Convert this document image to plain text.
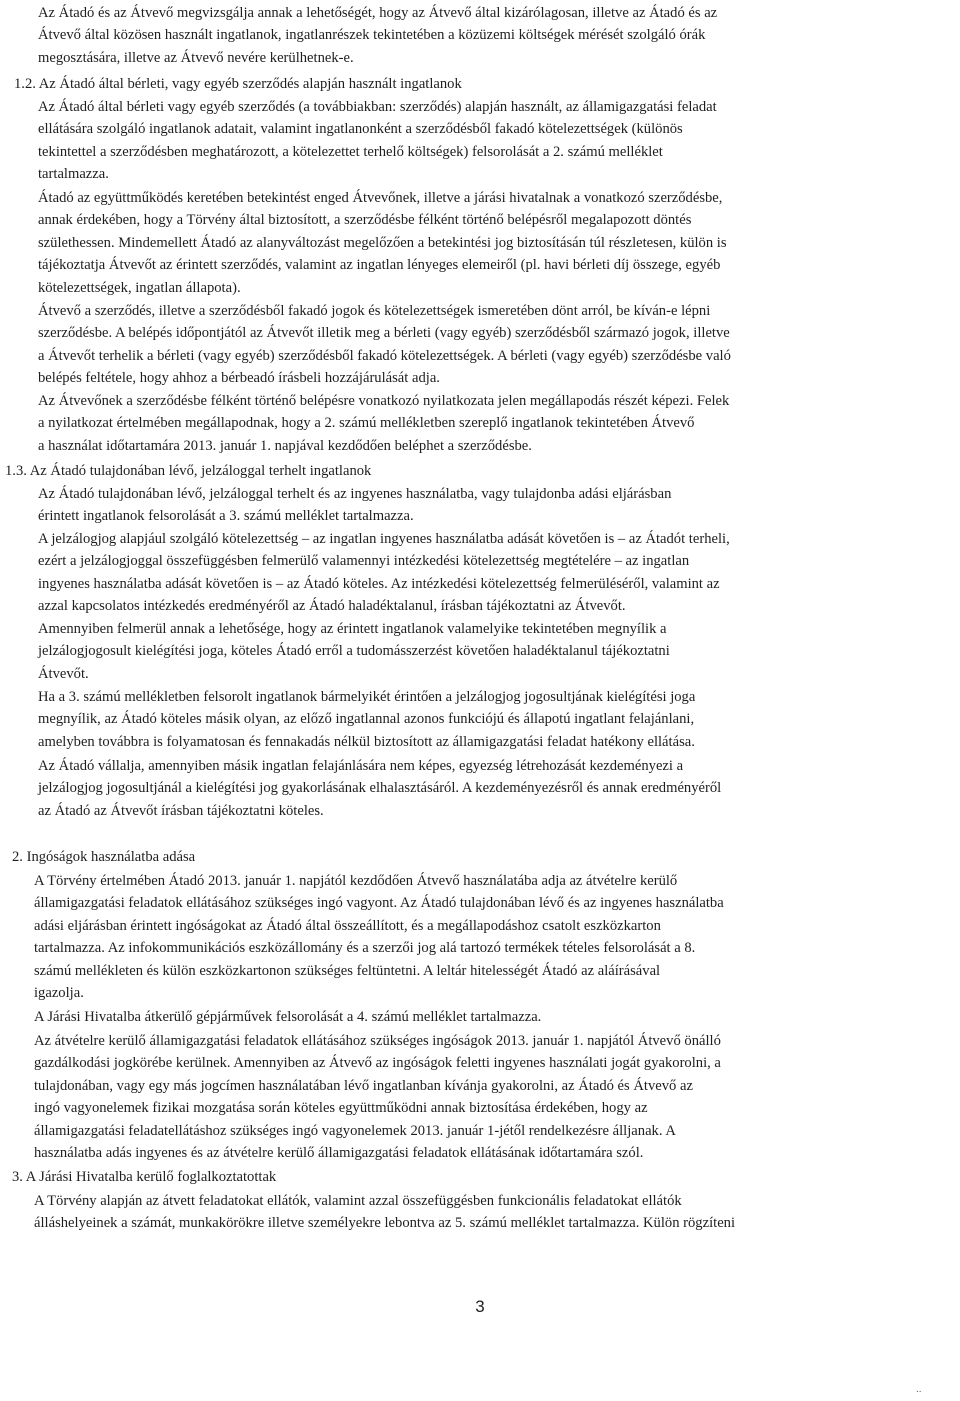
Az Átadó és az Átvevő megvizsgálja annak a lehetőségét, hogy az Átvevő által kizárólagosan, illetve az Átadó és az
Átvevő által közösen használt ingatlanok, ingatlanrészek tekintetében a közüzemi költségek mérését szolgáló órák
megosztására, illetve az Átvevő nevére kerülhetnek-e.
1.2. Az Átadó által bérleti, vagy egyéb szerződés alapján használt ingatlanok
Az Átadó által bérleti vagy egyéb szerződés (a továbbiakban: szerződés) alapján használt, az államigazgatási feladat
ellátására szolgáló ingatlanok adatait, valamint ingatlanonként a szerződésből fakadó kötelezettségek (különös
tekintettel a szerződésben meghatározott, a kötelezettet terhelő költségek) felsorolását a 2. számú melléklet
tartalmazza.
Átadó az együttműködés keretében betekintést enged Átvevőnek, illetve a járási hivatalnak a vonatkozó szerződésbe,
annak érdekében, hogy a Törvény által biztosított, a szerződésbe félként történő belépésről megalapozott döntés
születhessen. Mindemellett Átadó az alanyváltozást megelőzően a betekintési jog biztosításán túl részletesen, külön is
tájékoztatja Átvevőt az érintett szerződés, valamint az ingatlan lényeges elemeiről (pl. havi bérleti díj összege, egyéb
kötelezettségek, ingatlan állapota).
Átvevő a szerződés, illetve a szerződésből fakadó jogok és kötelezettségek ismeretében dönt arról, be kíván-e lépni
szerződésbe. A belépés időpontjától az Átvevőt illetik meg a bérleti (vagy egyéb) szerződésből származó jogok, illetve
a Átvevőt terhelik a bérleti (vagy egyéb) szerződésből fakadó kötelezettségek. A bérleti (vagy egyéb) szerződésbe való
belépés feltétele, hogy ahhoz a bérbeadó írásbeli hozzájárulását adja.
Az Átvevőnek a szerződésbe félként történő belépésre vonatkozó nyilatkozata jelen megállapodás részét képezi. Felek
a nyilatkozat értelmében megállapodnak, hogy a 2. számú mellékletben szereplő ingatlanok tekintetében Átvevő
a használat időtartamára 2013. január 1. napjával kezdődően beléphet a szerződésbe.
1.3. Az Átadó tulajdonában lévő, jelzáloggal terhelt ingatlanok
Az Átadó tulajdonában lévő, jelzáloggal terhelt és az ingyenes használatba, vagy tulajdonba adási eljárásban
érintett ingatlanok felsorolását a 3. számú melléklet tartalmazza.
A jelzálogjog alapjául szolgáló kötelezettség – az ingatlan ingyenes használatba adását követően is – az Átadót terheli,
ezért a jelzálogjoggal összefüggésben felmerülő valamennyi intézkedési kötelezettség megtételére – az ingatlan
ingyenes használatba adását követően is – az Átadó köteles. Az intézkedési kötelezettség felmerüléséről, valamint az
azzal kapcsolatos intézkedés eredményéről az Átadó haladéktalanul, írásban tájékoztatni az Átvevőt.
Amennyiben felmerül annak a lehetősége, hogy az érintett ingatlanok valamelyike tekintetében megnyílik a
jelzálogjogosult kielégítési joga, köteles Átadó erről a tudomásszerzést követően haladéktalanul tájékoztatni
Átvevőt.
Ha a 3. számú mellékletben felsorolt ingatlanok bármelyikét érintően a jelzálogjog jogosultjának kielégítési joga
megnyílik, az Átadó köteles másik olyan, az előző ingatlannal azonos funkciójú és állapotú ingatlant felajánlani,
amelyben továbbra is folyamatosan és fennakadás nélkül biztosított az államigazgatási feladat hatékony ellátása.
Az Átadó vállalja, amennyiben másik ingatlan felajánlására nem képes, egyezség létrehozását kezdeményezi a
jelzálogjog jogosultjánál a kielégítési jog gyakorlásának elhalasztásáról. A kezdeményezésről és annak eredményéről
az Átadó az Átvevőt írásban tájékoztatni köteles.
2. Ingóságok használatba adása
A Törvény értelmében Átadó 2013. január 1. napjától kezdődően Átvevő használatába adja az átvételre kerülő
államigazgatási feladatok ellátásához szükséges ingó vagyont. Az Átadó tulajdonában lévő és az ingyenes használatba
adási eljárásban érintett ingóságokat az Átadó által összeállított, és a megállapodáshoz csatolt eszközkarton
tartalmazza. Az infokommunikációs eszközállomány és a szerzői jog alá tartozó termékek tételes felsorolását a 8.
számú mellékleten és külön eszközkartonon szükséges feltüntetni. A leltár hitelességét Átadó az aláírásával
igazolja.
A Járási Hivatalba átkerülő gépjárművek felsorolását a 4. számú melléklet tartalmazza.
Az átvételre kerülő államigazgatási feladatok ellátásához szükséges ingóságok 2013. január 1. napjától Átvevő önálló
gazdálkodási jogkörébe kerülnek. Amennyiben az Átvevő az ingóságok feletti ingyenes használati jogát gyakorolni, a
tulajdonában, vagy egy más jogcímen használatában lévő ingatlanban kívánja gyakorolni, az Átadó és Átvevő az
ingó vagyonelemek fizikai mozgatása során köteles együttműködni annak biztosítása érdekében, hogy az
államigazgatási feladatellátáshoz szükséges ingó vagyonelemek 2013. január 1-jétől rendelkezésre álljanak. A
használatba adás ingyenes és az átvételre kerülő államigazgatási feladatok ellátásának időtartamára szól.
3. A Járási Hivatalba kerülő foglalkoztatottak
A Törvény alapján az átvett feladatokat ellátók, valamint azzal összefüggésben funkcionális feladatokat ellátók
álláshelyeinek a számát, munkakörökre illetve személyekre lebontva az 5. számú melléklet tartalmazza. Külön rögzíteni
3
..
